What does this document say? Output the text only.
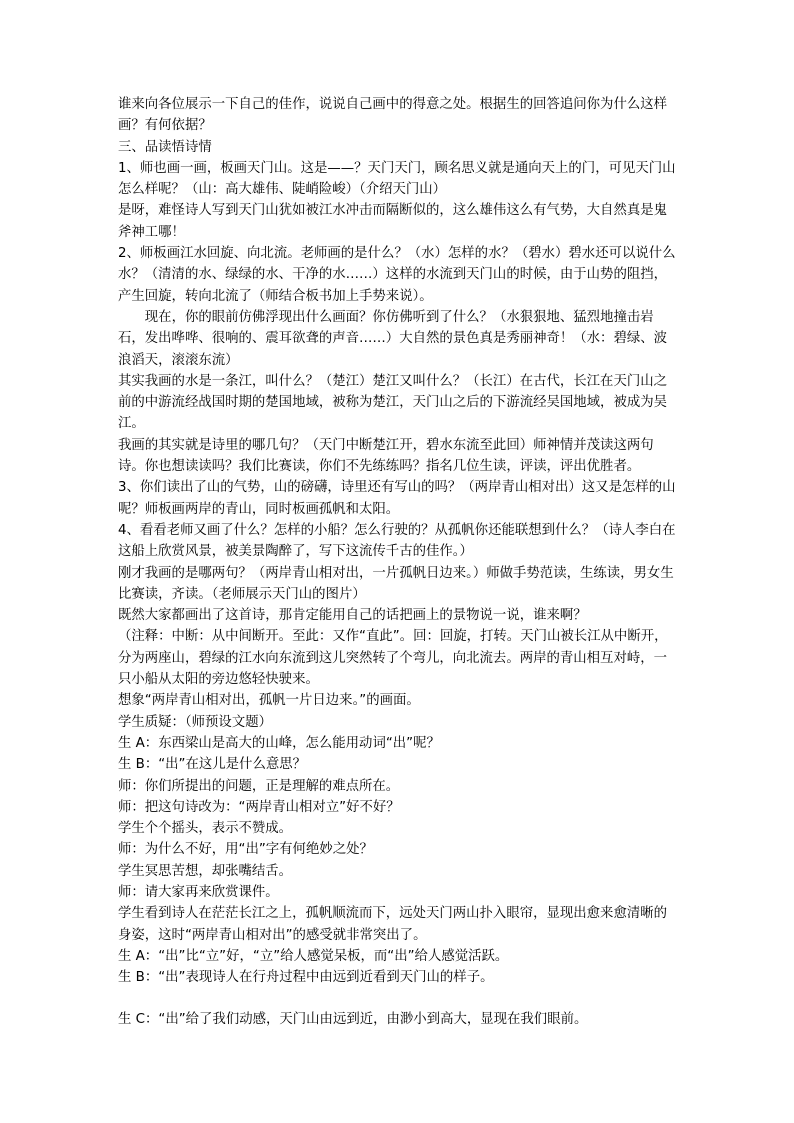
谁来向各位展示一下自己的佳作，说说自己画中的得意之处。根据生的回答追问你为什么这样画？有何依据？

三、品读悟诗情

1、师也画一画，板画天门山。这是——？天门天门，顾名思义就是通向天上的门，可见天门山怎么样呢？（山：高大雄伟、陡峭险峻）（介绍天门山）

是呀，难怪诗人写到天门山犹如被江水冲击而隔断似的，这么雄伟这么有气势，大自然真是鬼斧神工哪！

2、师板画江水回旋、向北流。老师画的是什么？（水）怎样的水？（碧水）碧水还可以说什么水？（清清的水、绿绿的水、干净的水……）这样的水流到天门山的时候，由于山势的阻挡，产生回旋，转向北流了（师结合板书加上手势来说）。

现在，你的眼前仿佛浮现出什么画面？你仿佛听到了什么？（水狠狠地、猛烈地撞击岩石，发出哗哗、很响的、震耳欲聋的声音……）大自然的景色真是秀丽神奇！（水：碧绿、波浪滔天，滚滚东流）

其实我画的水是一条江，叫什么？（楚江）楚江又叫什么？（长江）在古代，长江在天门山之前的中游流经战国时期的楚国地域，被称为楚江，天门山之后的下游流经吴国地域，被成为吴江。

我画的其实就是诗里的哪几句？（天门中断楚江开，碧水东流至此回）师神情并茂读这两句诗。你也想读读吗？我们比赛读，你们不先练练吗？指名几位生读，评读，评出优胜者。

3、你们读出了山的气势，山的磅礴，诗里还有写山的吗？（两岸青山相对出）这又是怎样的山呢？师板画两岸的青山，同时板画孤帆和太阳。

4、看看老师又画了什么？怎样的小船？怎么行驶的？从孤帆你还能联想到什么？（诗人李白在这船上欣赏风景，被美景陶醉了，写下这流传千古的佳作。）

刚才我画的是哪两句？（两岸青山相对出，一片孤帆日边来。）师做手势范读，生练读，男女生比赛读，齐读。（老师展示天门山的图片）

既然大家都画出了这首诗，那肯定能用自己的话把画上的景物说一说，谁来啊？

（注释：中断：从中间断开。至此：又作“直此”。回：回旋，打转。天门山被长江从中断开，分为两座山，碧绿的江水向东流到这儿突然转了个弯儿，向北流去。两岸的青山相互对峙，一只小船从太阳的旁边悠轻快驶来。

想象“两岸青山相对出，孤帆一片日边来。”的画面。

学生质疑：（师预设文题）

生 A：东西梁山是高大的山峰，怎么能用动词“出”呢？

生 B：“出”在这儿是什么意思？

师：你们所提出的问题，正是理解的难点所在。

师：把这句诗改为：“两岸青山相对立”好不好？

学生个个摇头，表示不赞成。

师：为什么不好，用“出”字有何绝妙之处？

学生冥思苦想，却张嘴结舌。

师：请大家再来欣赏课件。

学生看到诗人在茫茫长江之上，孤帆顺流而下，远处天门两山扑入眼帘，显现出愈来愈清晰的身姿，这时“两岸青山相对出”的感受就非常突出了。

生 A：“出”比“立”好，“立”给人感觉呆板，而“出”给人感觉活跃。

生 B：“出”表现诗人在行舟过程中由远到近看到天门山的样子。

生 C：“出”给了我们动感，天门山由远到近，由渺小到高大，显现在我们眼前。
